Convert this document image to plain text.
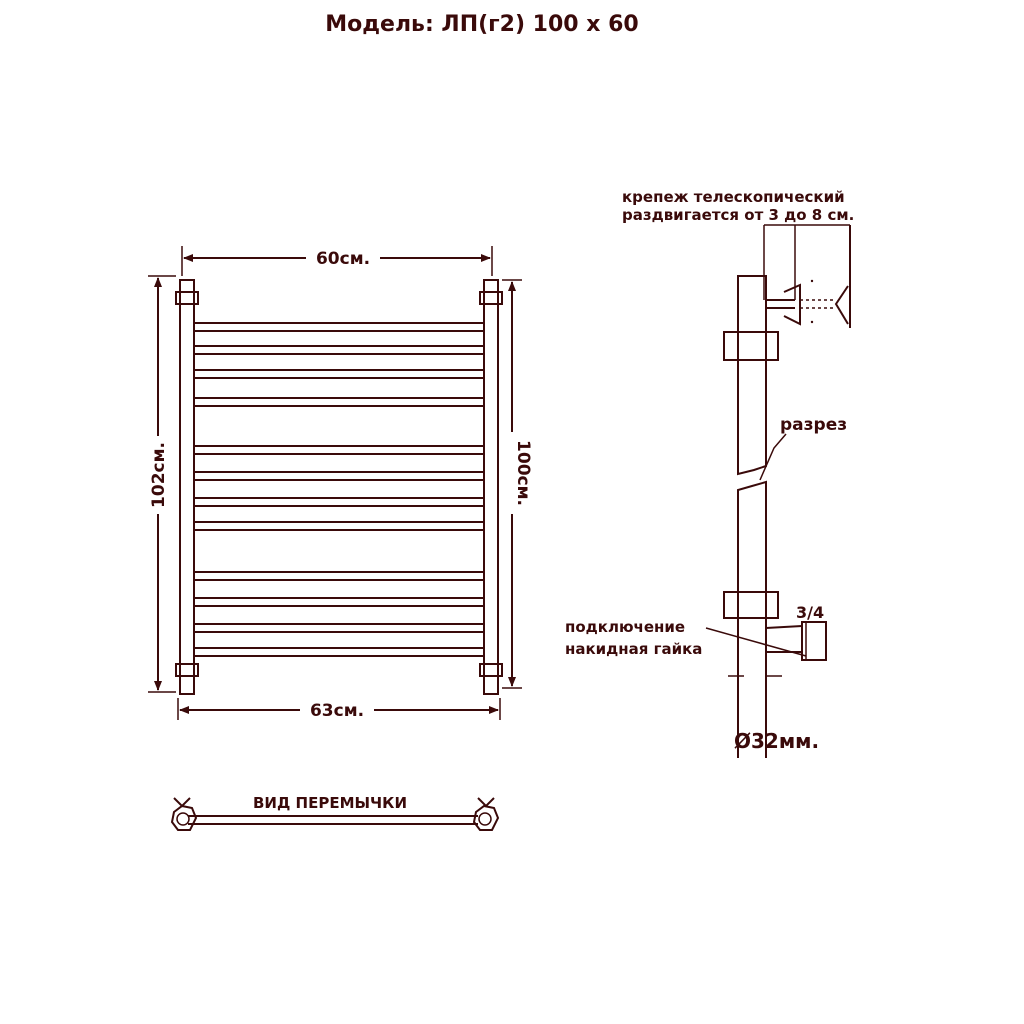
Модель: ЛП(г2) 100 х 60
60см.
63см.
102см.	100см.
крепеж телескопический
раздвигается от 3 до 8 см.
разрез
3/4
подключение
накидная гайка
Ø32мм.
ВИД ПЕРЕМЫЧКИ
